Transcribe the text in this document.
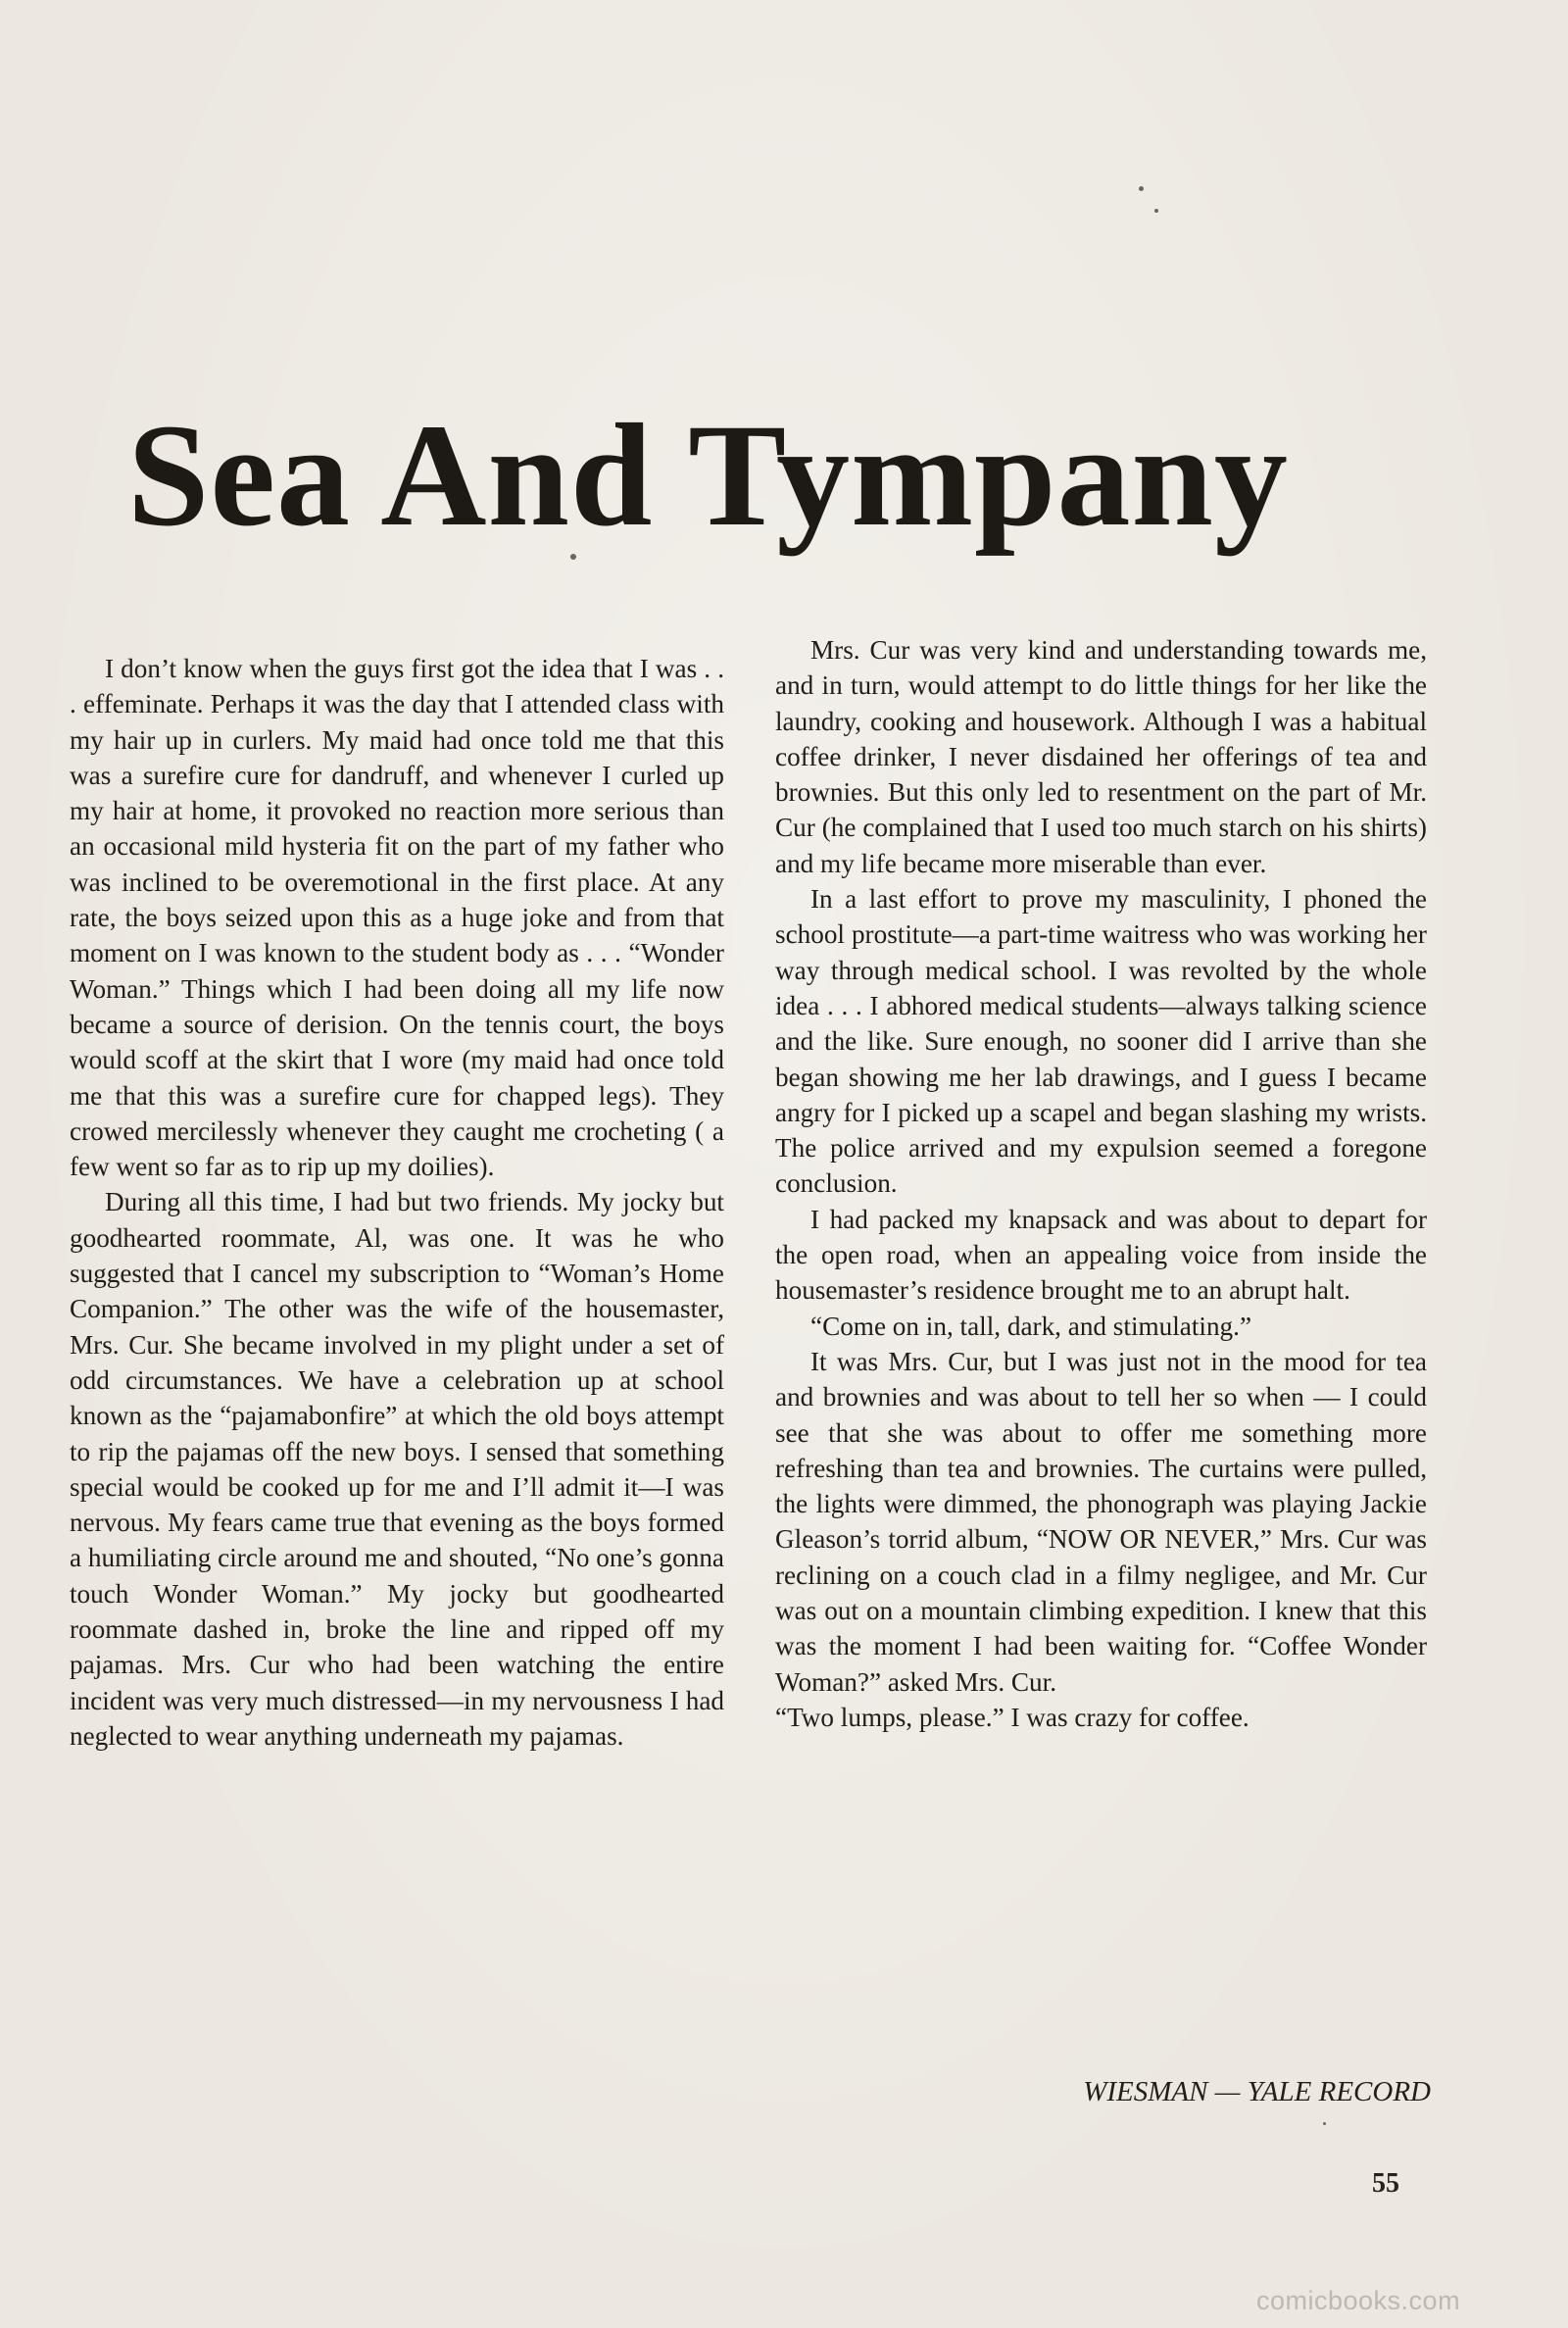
Sea And Tympany

I don’t know when the guys first got the idea that I was . . . effeminate. Perhaps it was the day that I attended class with my hair up in curlers. My maid had once told me that this was a surefire cure for dandruff, and whenever I curled up my hair at home, it provoked no reaction more serious than an occasional mild hysteria fit on the part of my father who was inclined to be overemotional in the first place. At any rate, the boys seized upon this as a huge joke and from that moment on I was known to the student body as . . . “Wonder Woman.” Things which I had been doing all my life now became a source of derision. On the tennis court, the boys would scoff at the skirt that I wore (my maid had once told me that this was a surefire cure for chapped legs). They crowed mercilessly whenever they caught me crocheting ( a few went so far as to rip up my doilies).

During all this time, I had but two friends. My jocky but goodhearted roommate, Al, was one. It was he who suggested that I cancel my subscription to “Woman’s Home Companion.” The other was the wife of the housemaster, Mrs. Cur. She became involved in my plight under a set of odd circumstances. We have a celebration up at school known as the “pajamabonfire” at which the old boys attempt to rip the pajamas off the new boys. I sensed that something special would be cooked up for me and I’ll admit it—I was nervous. My fears came true that evening as the boys formed a humiliating circle around me and shouted, “No one’s gonna touch Wonder Woman.” My jocky but goodhearted roommate dashed in, broke the line and ripped off my pajamas. Mrs. Cur who had been watching the entire incident was very much distressed—in my nervousness I had neglected to wear anything underneath my pajamas.

Mrs. Cur was very kind and understanding towards me, and in turn, would attempt to do little things for her like the laundry, cooking and housework. Although I was a habitual coffee drinker, I never disdained her offerings of tea and brownies. But this only led to resentment on the part of Mr. Cur (he complained that I used too much starch on his shirts) and my life became more miserable than ever.

In a last effort to prove my masculinity, I phoned the school prostitute—a part-time waitress who was working her way through medical school. I was revolted by the whole idea . . . I abhored medical students—always talking science and the like. Sure enough, no sooner did I arrive than she began showing me her lab drawings, and I guess I became angry for I picked up a scapel and began slashing my wrists. The police arrived and my expulsion seemed a foregone conclusion.

I had packed my knapsack and was about to depart for the open road, when an appealing voice from inside the housemaster’s residence brought me to an abrupt halt.

“Come on in, tall, dark, and stimulating.”

It was Mrs. Cur, but I was just not in the mood for tea and brownies and was about to tell her so when — I could see that she was about to offer me something more refreshing than tea and brownies. The curtains were pulled, the lights were dimmed, the phonograph was playing Jackie Gleason’s torrid album, “NOW OR NEVER,” Mrs. Cur was reclining on a couch clad in a filmy negligee, and Mr. Cur was out on a mountain climbing expedition. I knew that this was the moment I had been waiting for. “Coffee Wonder Woman?” asked Mrs. Cur.

“Two lumps, please.” I was crazy for coffee.

WIESMAN — YALE RECORD
55
comicbooks.com
